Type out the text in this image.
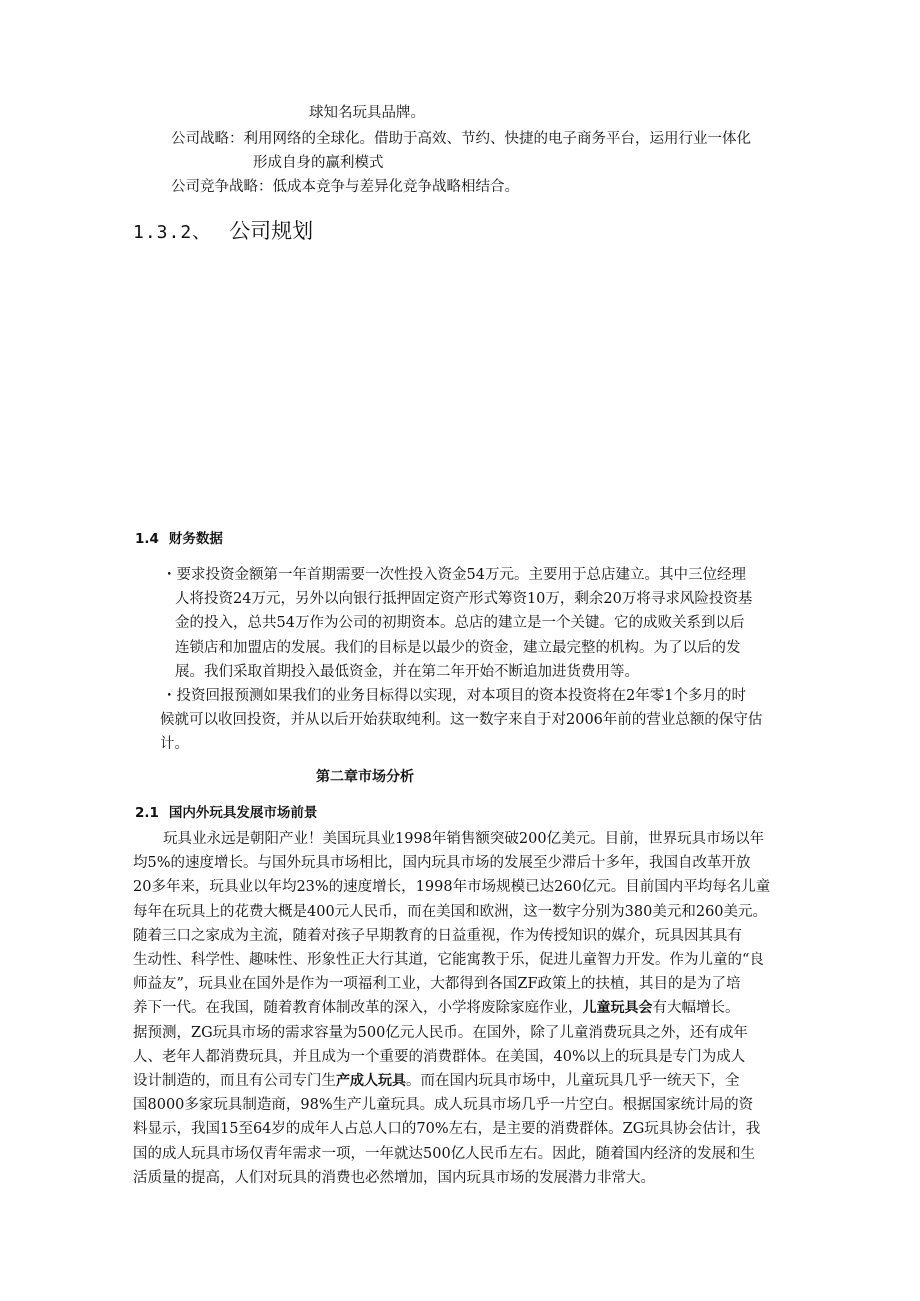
球知名玩具品牌。
公司战略：利用网络的全球化。借助于高效、节约、快捷的电子商务平台，运用行业一体化
形成自身的赢利模式
公司竞争战略：低成本竞争与差异化竞争战略相结合。
1.3.2、 公司规划
1.4 财务数据
・要求投资金额第一年首期需要一次性投入资金54万元。主要用于总店建立。其中三位经理
人将投资24万元，另外以向银行抵押固定资产形式筹资10万，剩余20万将寻求风险投资基
金的投入，总共54万作为公司的初期资本。总店的建立是一个关键。它的成败关系到以后
连锁店和加盟店的发展。我们的目标是以最少的资金，建立最完整的机构。为了以后的发
展。我们采取首期投入最低资金，并在第二年开始不断追加进货费用等。
・投资回报预测如果我们的业务目标得以实现，对本项目的资本投资将在2年零1个多月的时
候就可以收回投资，并从以后开始获取纯利。这一数字来自于对2006年前的营业总额的保守估
计。
第二章市场分析
2.1 国内外玩具发展市场前景
玩具业永远是朝阳产业！美国玩具业1998年销售额突破200亿美元。目前，世界玩具市场以年
均5%的速度增长。与国外玩具市场相比，国内玩具市场的发展至少滞后十多年，我国自改革开放
20多年来，玩具业以年均23%的速度增长，1998年市场规模已达260亿元。目前国内平均每名儿童
每年在玩具上的花费大概是400元人民币，而在美国和欧洲，这一数字分别为380美元和260美元。
随着三口之家成为主流，随着对孩子早期教育的日益重视，作为传授知识的媒介，玩具因其具有
生动性、科学性、趣味性、形象性正大行其道，它能寓教于乐，促进儿童智力开发。作为儿童的“良
师益友”，玩具业在国外是作为一项福利工业，大都得到各国ZF政策上的扶植，其目的是为了培
养下一代。在我国，随着教育体制改革的深入，小学将废除家庭作业，儿童玩具会有大幅增长。
据预测，ZG玩具市场的需求容量为500亿元人民币。在国外，除了儿童消费玩具之外，还有成年
人、老年人都消费玩具，并且成为一个重要的消费群体。在美国，40%以上的玩具是专门为成人
设计制造的，而且有公司专门生产成人玩具。而在国内玩具市场中，儿童玩具几乎一统天下，全
国8000多家玩具制造商，98%生产儿童玩具。成人玩具市场几乎一片空白。根据国家统计局的资
料显示，我国15至64岁的成年人占总人口的70%左右，是主要的消费群体。ZG玩具协会估计，我
国的成人玩具市场仅青年需求一项，一年就达500亿人民币左右。因此，随着国内经济的发展和生
活质量的提高，人们对玩具的消费也必然增加，国内玩具市场的发展潜力非常大。
